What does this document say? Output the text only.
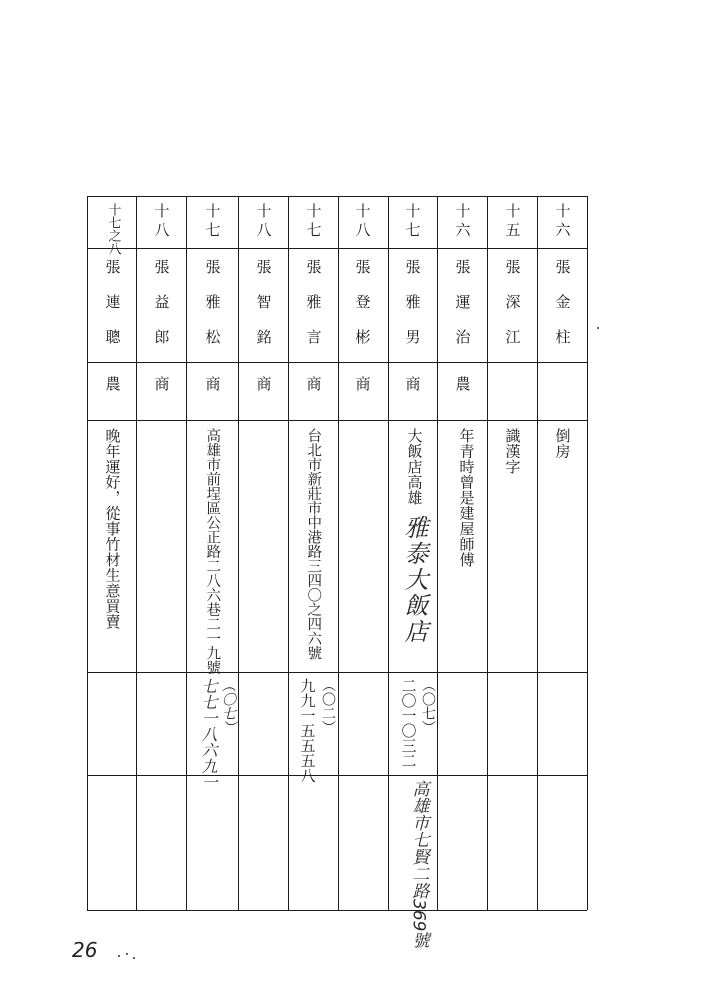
十六
張金柱
倒房
十五
張深江
識漢字
十六
張運治
農
年青時曾是建屋師傅
十七
張雅男
商
大飯店高雄
雅泰大飯店
（〇七）
二〇一〇三二
高雄市七賢二路369號
十八
張登彬
商
十七
張雅言
商
台北市新莊市中港路三四〇之四六號
（〇二）
九九一五五五八
十八
張智銘
商
十七
張雅松
商
高雄市前埕區公正路二八六巷二一九號
（〇七）
七七一八六九一
十八
張益郎
商
十七之八
張連聰
農
晚年運好，從事竹材生意買賣
26
